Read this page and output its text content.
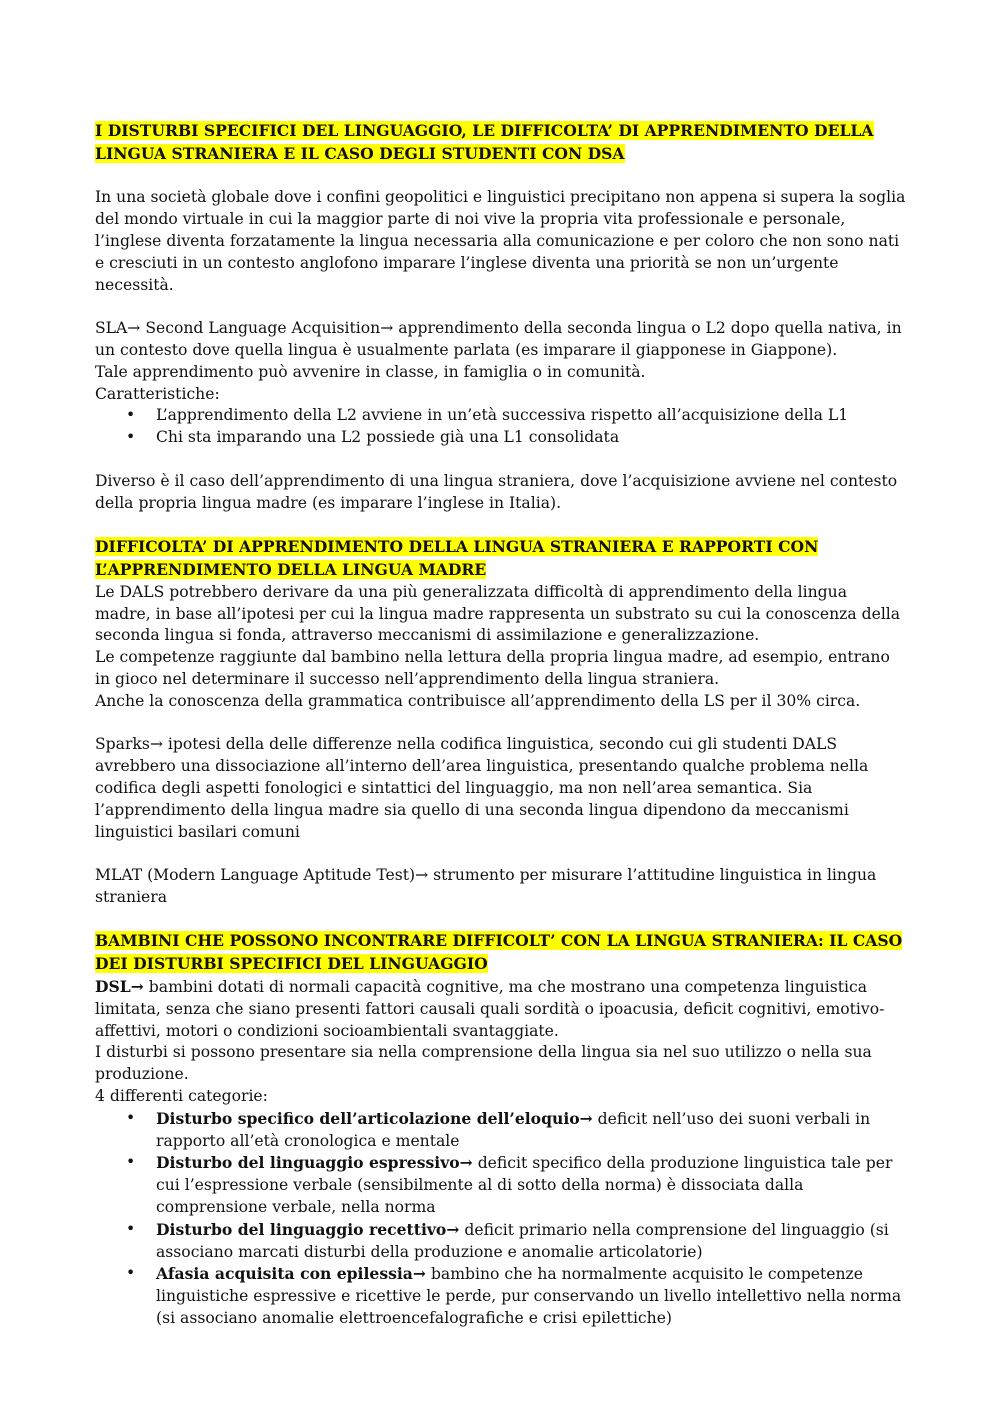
I DISTURBI SPECIFICI DEL LINGUAGGIO, LE DIFFICOLTA’ DI APPRENDIMENTO DELLA LINGUA STRANIERA E IL CASO DEGLI STUDENTI CON DSA

In una società globale dove i confini geopolitici e linguistici precipitano non appena si supera la soglia del mondo virtuale in cui la maggior parte di noi vive la propria vita professionale e personale, l’inglese diventa forzatamente la lingua necessaria alla comunicazione e per coloro che non sono nati e cresciuti in un contesto anglofono imparare l’inglese diventa una priorità se non un’urgente necessità.

SLA→ Second Language Acquisition→ apprendimento della seconda lingua o L2 dopo quella nativa, in un contesto dove quella lingua è usualmente parlata (es imparare il giapponese in Giappone).

Tale apprendimento può avvenire in classe, in famiglia o in comunità.

Caratteristiche:

• L’apprendimento della L2 avviene in un’età successiva rispetto all’acquisizione della L1
• Chi sta imparando una L2 possiede già una L1 consolidata

Diverso è il caso dell’apprendimento di una lingua straniera, dove l’acquisizione avviene nel contesto della propria lingua madre (es imparare l’inglese in Italia).

DIFFICOLTA’ DI APPRENDIMENTO DELLA LINGUA STRANIERA E RAPPORTI CON L’APPRENDIMENTO DELLA LINGUA MADRE

Le DALS potrebbero derivare da una più generalizzata difficoltà di apprendimento della lingua madre, in base all’ipotesi per cui la lingua madre rappresenta un substrato su cui la conoscenza della seconda lingua si fonda, attraverso meccanismi di assimilazione e generalizzazione.

Le competenze raggiunte dal bambino nella lettura della propria lingua madre, ad esempio, entrano in gioco nel determinare il successo nell’apprendimento della lingua straniera.

Anche la conoscenza della grammatica contribuisce all’apprendimento della LS per il 30% circa.

Sparks→ ipotesi della delle differenze nella codifica linguistica, secondo cui gli studenti DALS avrebbero una dissociazione all’interno dell’area linguistica, presentando qualche problema nella codifica degli aspetti fonologici e sintattici del linguaggio, ma non nell’area semantica. Sia l’apprendimento della lingua madre sia quello di una seconda lingua dipendono da meccanismi linguistici basilari comuni

MLAT (Modern Language Aptitude Test)→ strumento per misurare l’attitudine linguistica in lingua straniera

BAMBINI CHE POSSONO INCONTRARE DIFFICOLT’ CON LA LINGUA STRANIERA: IL CASO DEI DISTURBI SPECIFICI DEL LINGUAGGIO

DSL→ bambini dotati di normali capacità cognitive, ma che mostrano una competenza linguistica limitata, senza che siano presenti fattori causali quali sordità o ipoacusia, deficit cognitivi, emotivo-affettivi, motori o condizioni socioambientali svantaggiate.

I disturbi si possono presentare sia nella comprensione della lingua sia nel suo utilizzo o nella sua produzione.

4 differenti categorie:

• Disturbo specifico dell’articolazione dell’eloquio→ deficit nell’uso dei suoni verbali in rapporto all’età cronologica e mentale
• Disturbo del linguaggio espressivo→ deficit specifico della produzione linguistica tale per cui l’espressione verbale (sensibilmente al di sotto della norma) è dissociata dalla comprensione verbale, nella norma
• Disturbo del linguaggio recettivo→ deficit primario nella comprensione del linguaggio (si associano marcati disturbi della produzione e anomalie articolatorie)
• Afasia acquisita con epilessia→ bambino che ha normalmente acquisito le competenze linguistiche espressive e ricettive le perde, pur conservando un livello intellettivo nella norma (si associano anomalie elettroencefalografiche e crisi epilettiche)
